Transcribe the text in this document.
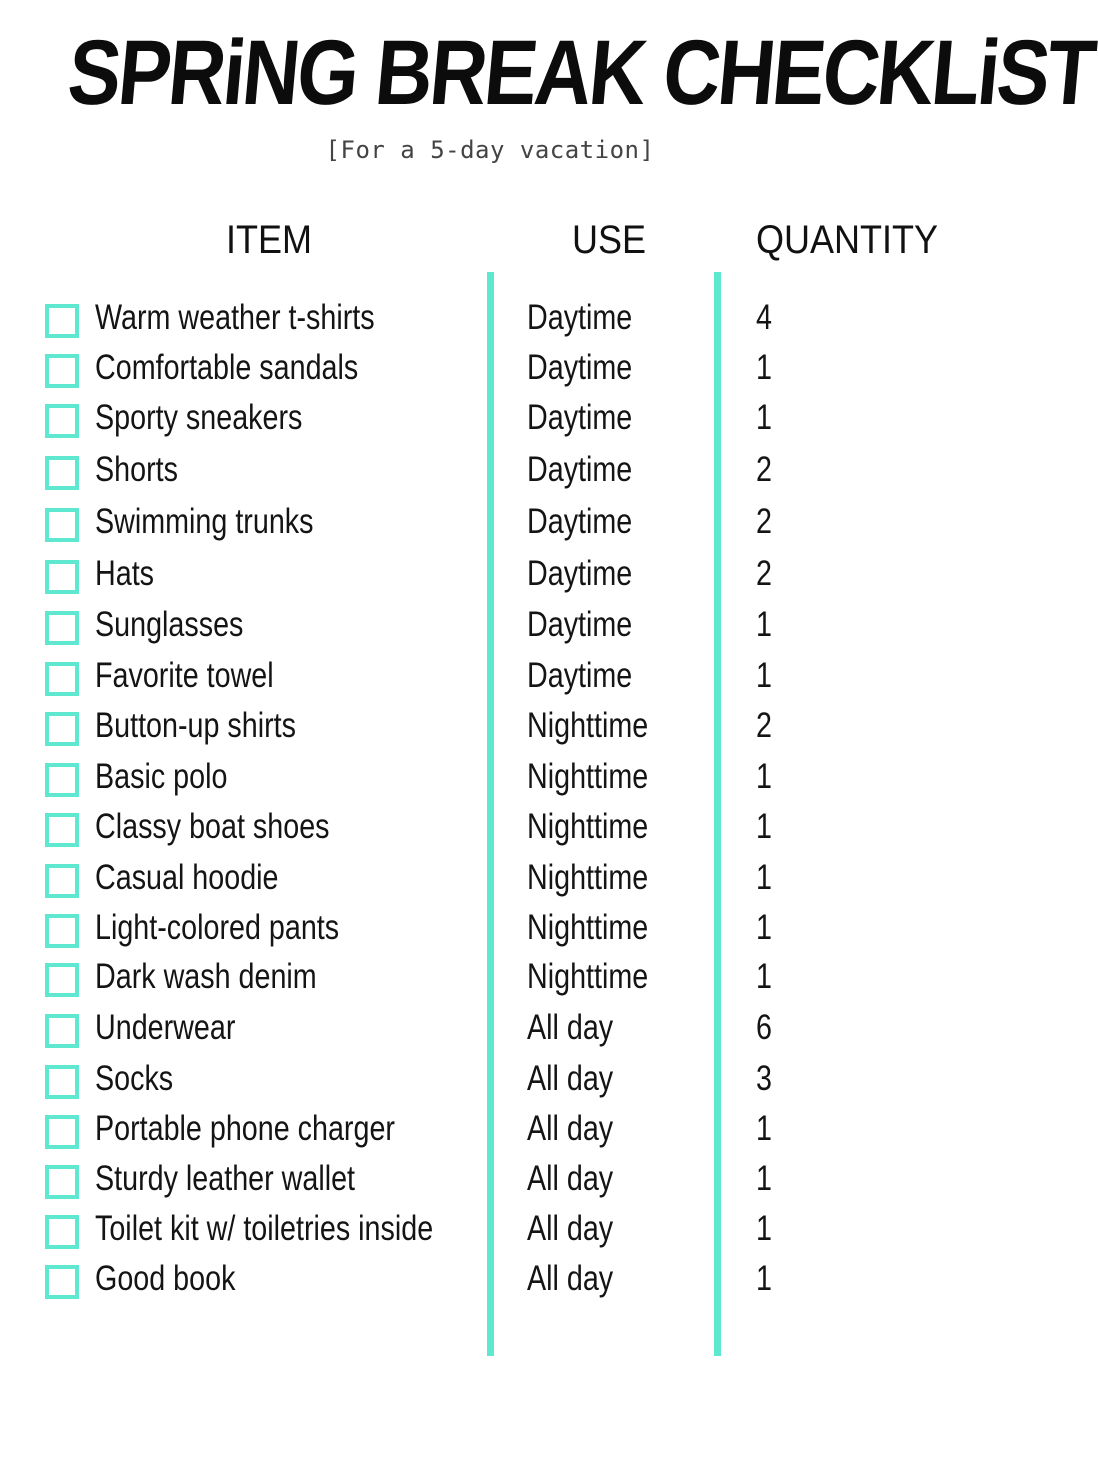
SPRiNG BREAK CHECKLiST
[For a 5-day vacation]
ITEM	USE	QUANTITY
Warm weather t-shirts	Daytime	4
Comfortable sandals	Daytime	1
Sporty sneakers	Daytime	1
Shorts	Daytime	2
Swimming trunks	Daytime	2
Hats	Daytime	2
Sunglasses	Daytime	1
Favorite towel	Daytime	1
Button-up shirts	Nighttime	2
Basic polo	Nighttime	1
Classy boat shoes	Nighttime	1
Casual hoodie	Nighttime	1
Light-colored pants	Nighttime	1
Dark wash denim	Nighttime	1
Underwear	All day	6
Socks	All day	3
Portable phone charger	All day	1
Sturdy leather wallet	All day	1
Toilet kit w/ toiletries inside	All day	1
Good book	All day	1
